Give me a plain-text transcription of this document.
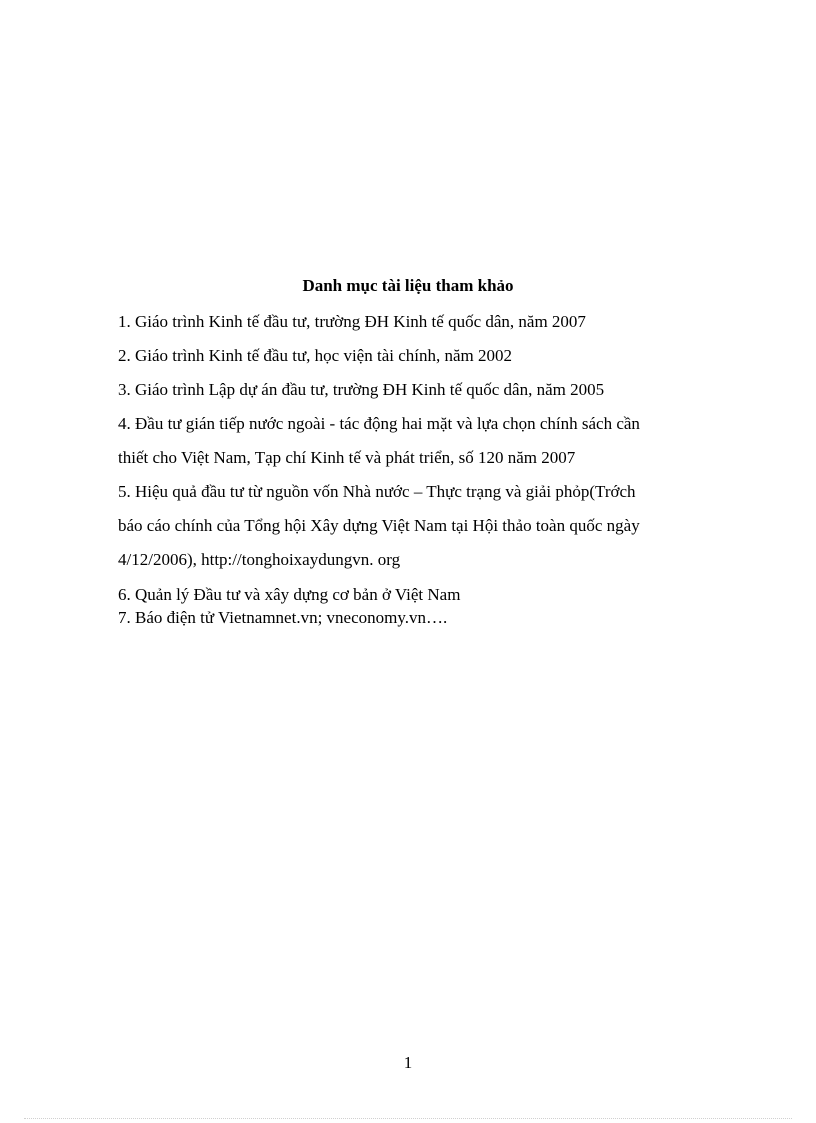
Danh mục tài liệu tham khảo
1. Giáo trình Kinh tế đầu tư, trường ĐH Kinh tế quốc dân, năm 2007
2. Giáo trình Kinh tế đầu tư, học viện tài chính, năm 2002
3. Giáo trình Lập dự án đầu tư, trường ĐH Kinh tế quốc dân, năm 2005
4. Đầu tư gián tiếp nước ngoài - tác động hai mặt và lựa chọn chính sách cần
thiết cho Việt Nam, Tạp chí Kinh tế và phát triển, số 120 năm 2007
5. Hiệu quả đầu tư từ nguồn vốn Nhà nước – Thực trạng và giải phỏp(Trớch
báo cáo chính của Tổng hội Xây dựng Việt Nam tại Hội thảo toàn quốc ngày
4/12/2006), http://tonghoixaydungvn. org
6. Quản lý Đầu tư và xây dựng cơ bản ở Việt Nam
7. Báo điện tử Vietnamnet.vn; vneconomy.vn….
1
